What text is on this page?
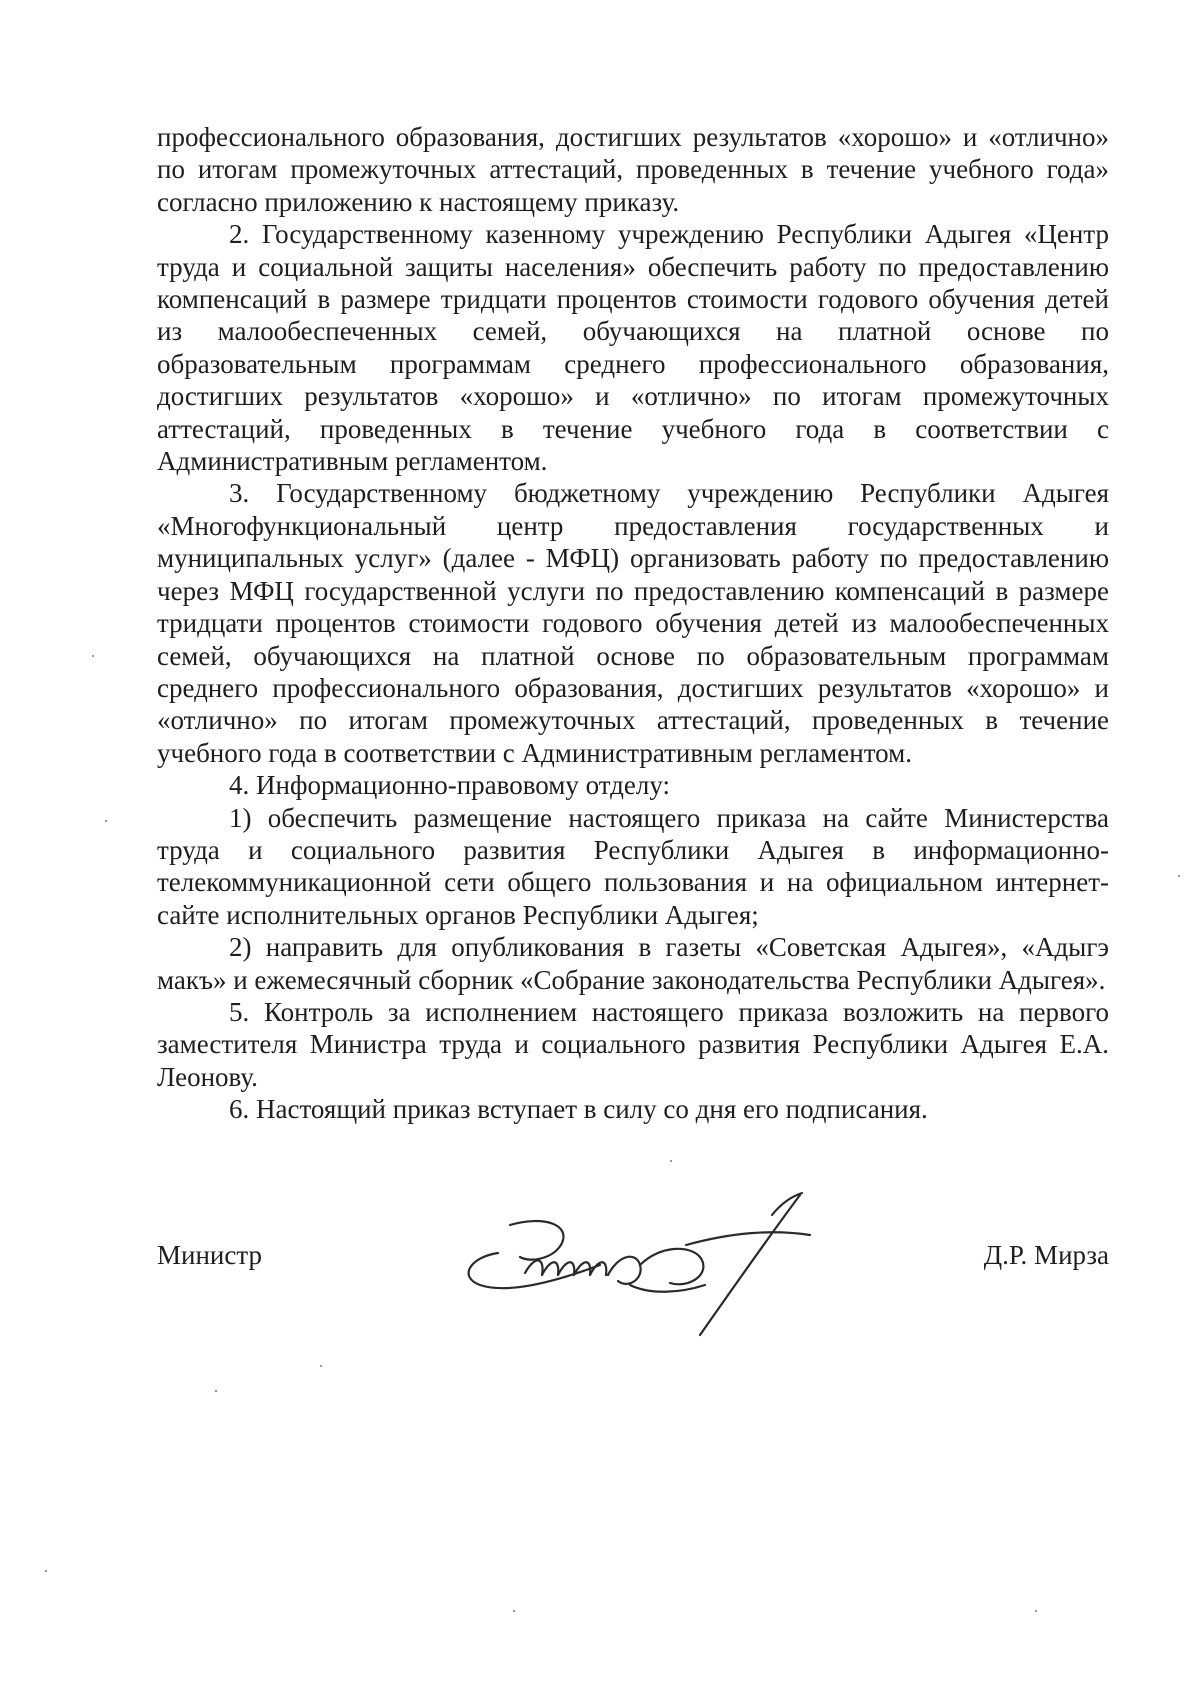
профессионального образования, достигших результатов «хорошо» и «отлично» по итогам промежуточных аттестаций, проведенных в течение учебного года» согласно приложению к настоящему приказу.

2. Государственному казенному учреждению Республики Адыгея «Центр труда и социальной защиты населения» обеспечить работу по предоставлению компенсаций в размере тридцати процентов стоимости годового обучения детей из малообеспеченных семей, обучающихся на платной основе по образовательным программам среднего профессионального образования, достигших результатов «хорошо» и «отлично» по итогам промежуточных аттестаций, проведенных в течение учебного года в соответствии с Административным регламентом.

3. Государственному бюджетному учреждению Республики Адыгея «Многофункциональный центр предоставления государственных и муниципальных услуг» (далее - МФЦ) организовать работу по предоставлению через МФЦ государственной услуги по предоставлению компенсаций в размере тридцати процентов стоимости годового обучения детей из малообеспеченных семей, обучающихся на платной основе по образовательным программам среднего профессионального образования, достигших результатов «хорошо» и «отлично» по итогам промежуточных аттестаций, проведенных в течение учебного года в соответствии с Административным регламентом.

4. Информационно-правовому отделу:

1) обеспечить размещение настоящего приказа на сайте Министерства труда и социального развития Республики Адыгея в информационно-телекоммуникационной сети общего пользования и на официальном интернет-сайте исполнительных органов Республики Адыгея;

2) направить для опубликования в газеты «Советская Адыгея», «Адыгэ макъ» и ежемесячный сборник «Собрание законодательства Республики Адыгея».

5. Контроль за исполнением настоящего приказа возложить на первого заместителя Министра труда и социального развития Республики Адыгея Е.А. Леонову.

6. Настоящий приказ вступает в силу со дня его подписания.

Министр	Д.Р. Мирза
